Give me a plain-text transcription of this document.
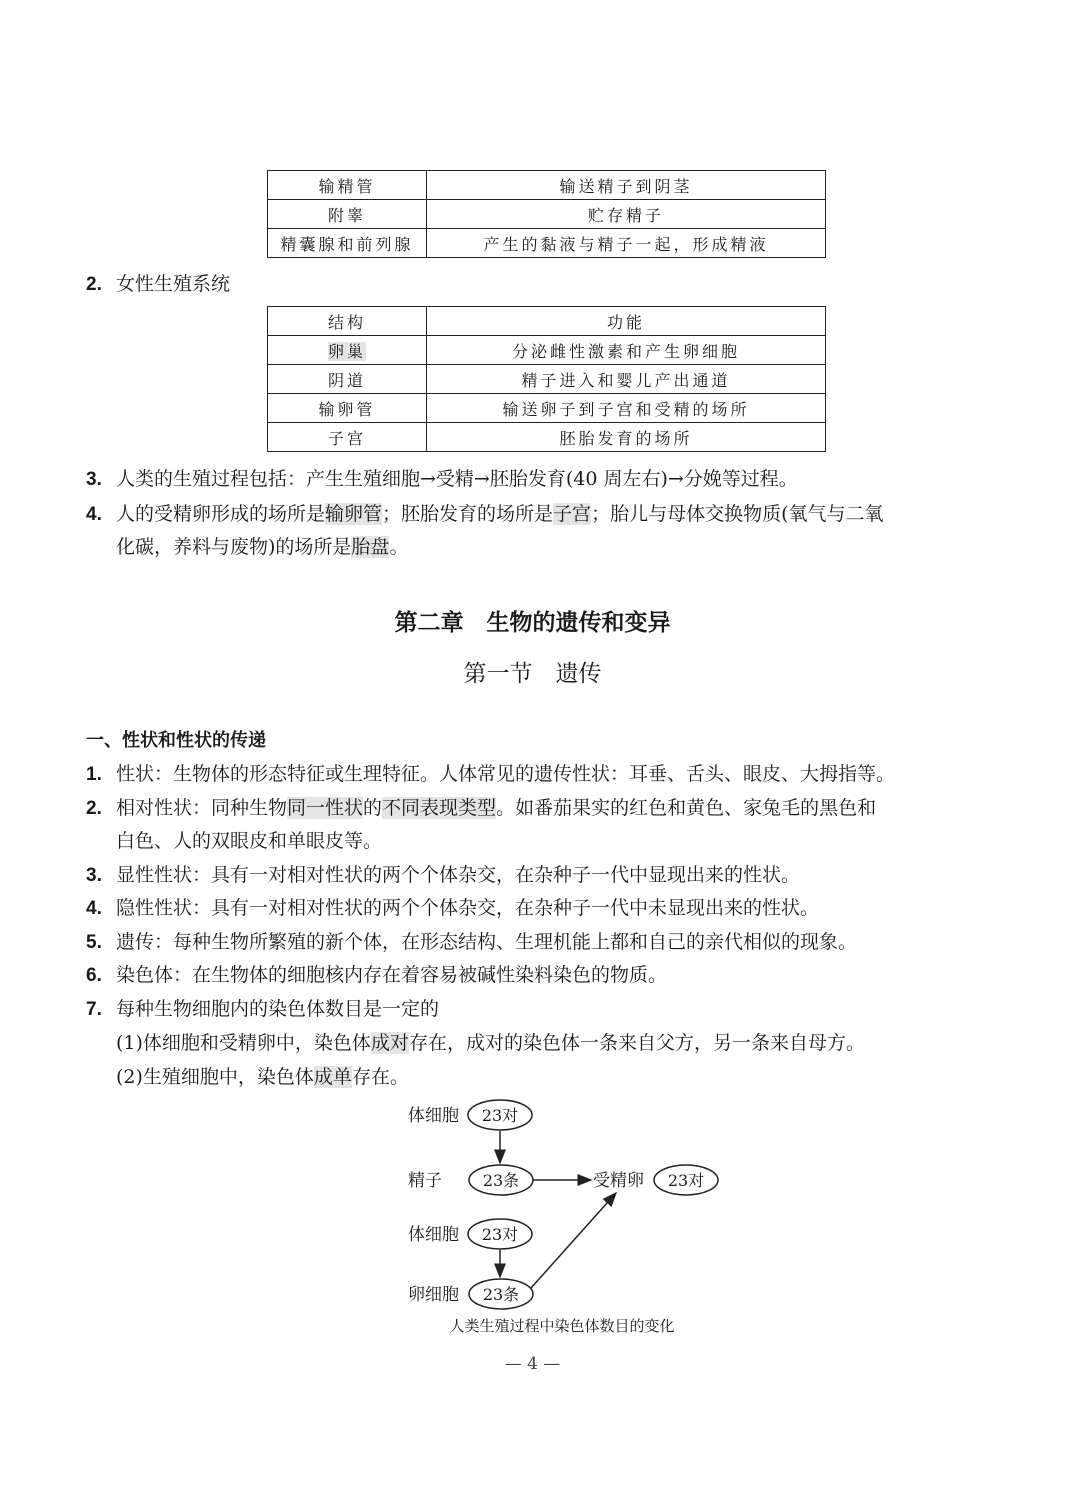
输精管	输送精子到阴茎
附睾	贮存精子
精囊腺和前列腺	产生的黏液与精子一起，形成精液
2. 女性生殖系统
结构	功能
卵巢	分泌雌性激素和产生卵细胞
阴道	精子进入和婴儿产出通道
输卵管	输送卵子到子宫和受精的场所
子宫	胚胎发育的场所
3. 人类的生殖过程包括：产生生殖细胞→受精→胚胎发育(40 周左右)→分娩等过程。
4. 人的受精卵形成的场所是输卵管；胚胎发育的场所是子宫；胎儿与母体交换物质(氧气与二氧
化碳，养料与废物)的场所是胎盘。
第二章　生物的遗传和变异
第一节　遗传
一、性状和性状的传递
1. 性状：生物体的形态特征或生理特征。人体常见的遗传性状：耳垂、舌头、眼皮、大拇指等。
2. 相对性状：同种生物同一性状的不同表现类型。如番茄果实的红色和黄色、家兔毛的黑色和
白色、人的双眼皮和单眼皮等。
3. 显性性状：具有一对相对性状的两个个体杂交，在杂种子一代中显现出来的性状。
4. 隐性性状：具有一对相对性状的两个个体杂交，在杂种子一代中未显现出来的性状。
5. 遗传：每种生物所繁殖的新个体，在形态结构、生理机能上都和自己的亲代相似的现象。
6. 染色体：在生物体的细胞核内存在着容易被碱性染料染色的物质。
7. 每种生物细胞内的染色体数目是一定的
(1)体细胞和受精卵中，染色体成对存在，成对的染色体一条来自父方，另一条来自母方。
(2)生殖细胞中，染色体成单存在。
体细胞
精子	受精卵
体细胞
卵细胞
23对
23条	23对
23对
23条
人类生殖过程中染色体数目的变化
— 4 —
